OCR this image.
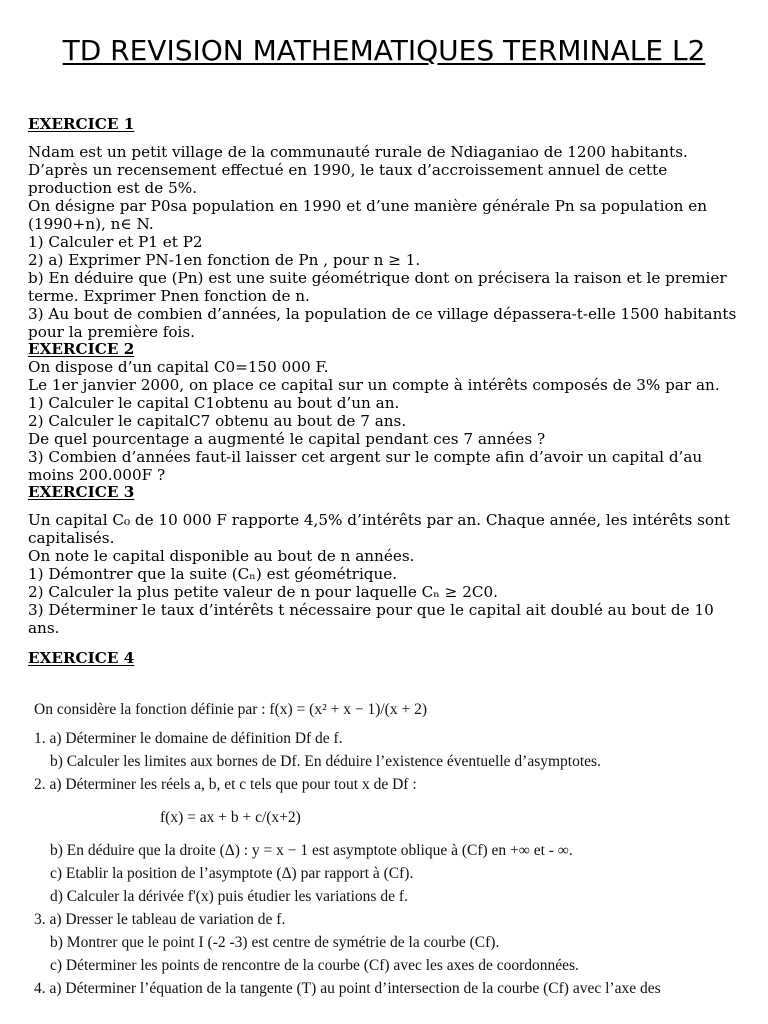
TD REVISION MATHEMATIQUES TERMINALE L2
EXERCICE 1

Ndam est un petit village de la communauté rurale de Ndiaganiao de 1200 habitants. D’après un recensement effectué en 1990, le taux d’accroissement annuel de cette production est de 5%.

On désigne par P0sa population en 1990 et d’une manière générale Pn sa population en (1990+n), n∈ N.

1) Calculer et P1 et P2

2) a) Exprimer PN-1en fonction de Pn , pour n ≥ 1.

b) En déduire que (Pn) est une suite géométrique dont on précisera la raison et le premier terme. Exprimer Pnen fonction de n.

3) Au bout de combien d’années, la population de ce village dépassera-t-elle 1500 habitants pour la première fois.

EXERCICE 2

On dispose d’un capital C0=150 000 F.

Le 1er janvier 2000, on place ce capital sur un compte à intérêts composés de 3% par an.

1) Calculer le capital C1obtenu au bout d’un an.

2) Calculer le capitalC7 obtenu au bout de 7 ans.

De quel pourcentage a augmenté le capital pendant ces 7 années ?

3) Combien d’années faut-il laisser cet argent sur le compte afin d’avoir un capital d’au moins 200.000F ?

EXERCICE 3

Un capital C₀ de 10 000 F rapporte 4,5% d’intérêts par an. Chaque année, les intérêts sont capitalisés.

On note le capital disponible au bout de n années.

1) Démontrer que la suite (Cₙ) est géométrique.

2) Calculer la plus petite valeur de n pour laquelle Cₙ ≥ 2C0.

3) Déterminer le taux d’intérêts t nécessaire pour que le capital ait doublé au bout de 10 ans.

EXERCICE 4

On considère la fonction définie par : f(x) = (x² + x − 1)/(x + 2)

1. a) Déterminer le domaine de définition Df de f.

b) Calculer les limites aux bornes de Df. En déduire l’existence éventuelle d’asymptotes.

2. a) Déterminer les réels a, b, et c tels que pour tout x de Df :

f(x) = ax + b + c/(x+2)

b) En déduire que la droite (Δ) : y = x − 1 est asymptote oblique à (Cf) en +∞ et - ∞.

c) Etablir la position de l’asymptote (Δ) par rapport à (Cf).

d) Calculer la dérivée f'(x) puis étudier les variations de f.

3. a) Dresser le tableau de variation de f.

b) Montrer que le point I (-2 -3) est centre de symétrie de la courbe (Cf).

c) Déterminer les points de rencontre de la courbe (Cf) avec les axes de coordonnées.

4. a) Déterminer l’équation de la tangente (T) au point d’intersection de la courbe (Cf) avec l’axe des
